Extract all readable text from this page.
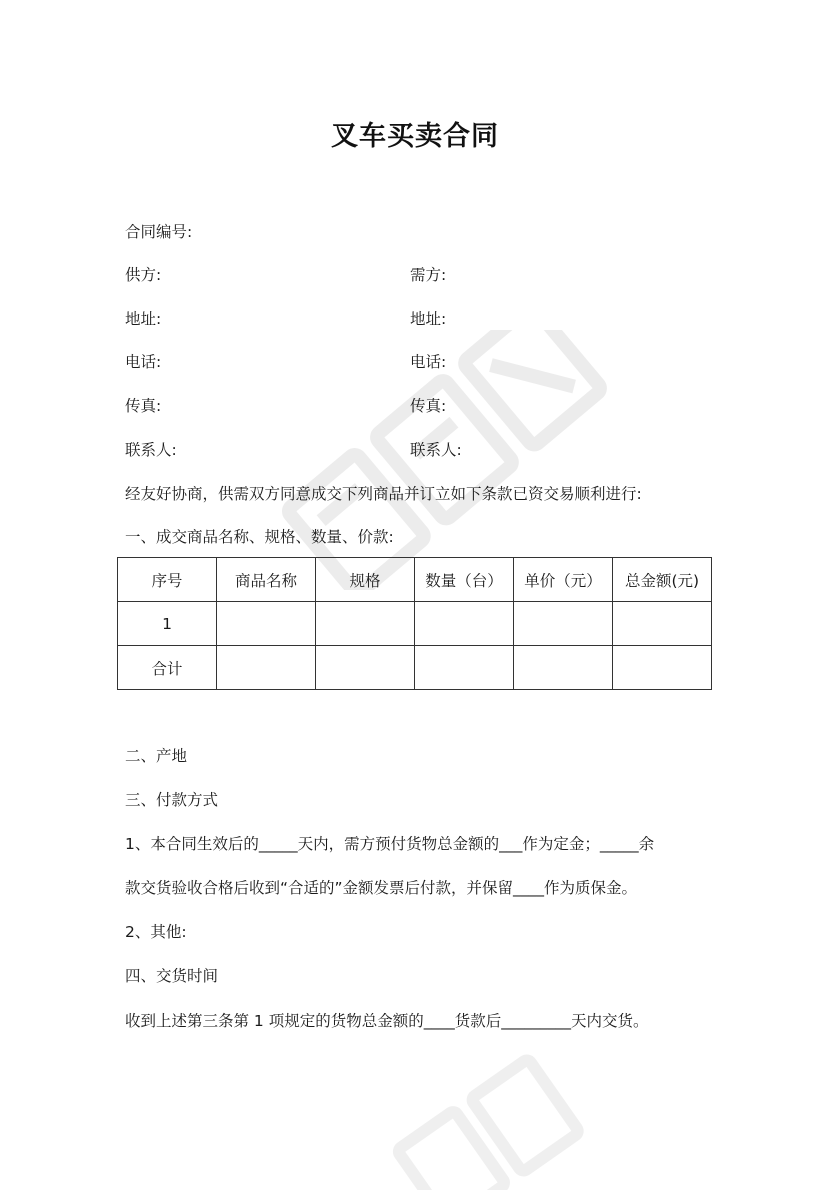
叉车买卖合同
合同编号:
供方:	需方:
地址:	地址:
电话:	电话:
传真:	传真:
联系人:	联系人:
经友好协商，供需双方同意成交下列商品并订立如下条款已资交易顺利进行:
一、成交商品名称、规格、数量、价款:
序号	商品名称	规格	数量（台）	单价（元）	总金额(元)
1					
合计					
二、产地
三、付款方式
1、本合同生效后的_____天内，需方预付货物总金额的___作为定金；_____余
款交货验收合格后收到“合适的”金额发票后付款，并保留____作为质保金。
2、其他:
四、交货时间
收到上述第三条第 1 项规定的货物总金额的____货款后_________天内交货。
